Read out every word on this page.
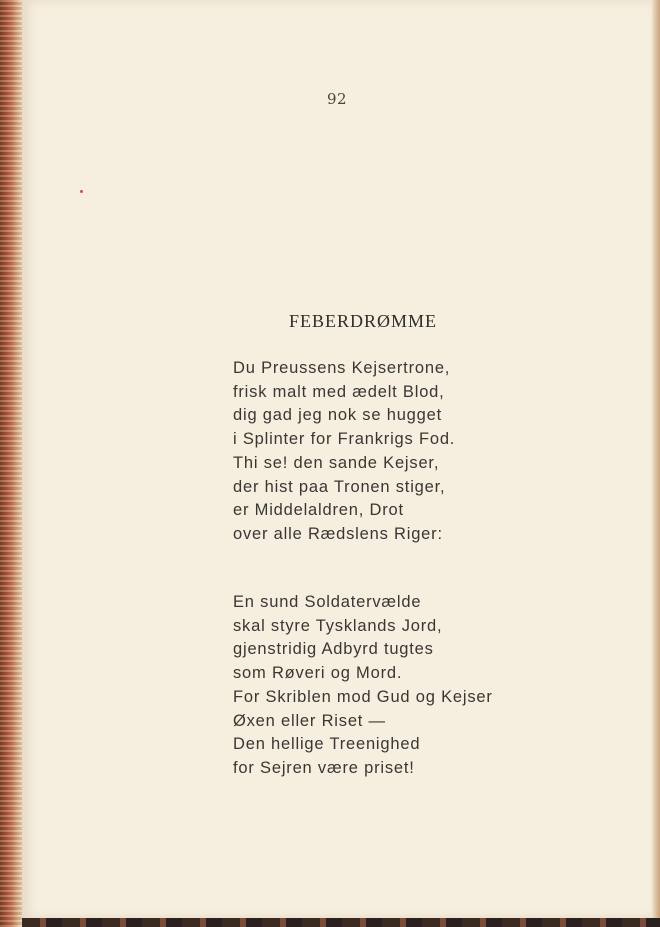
92
FEBERDRØMME
Du Preussens Kejsertrone,
frisk malt med ædelt Blod,
dig gad jeg nok se hugget
i Splinter for Frankrigs Fod.
Thi se! den sande Kejser,
der hist paa Tronen stiger,
er Middelaldren, Drot
over alle Rædslens Riger:
En sund Soldatervælde
skal styre Tysklands Jord,
gjenstridig Adbyrd tugtes
som Røveri og Mord.
For Skriblen mod Gud og Kejser
Øxen eller Riset —
Den hellige Treenighed
for Sejren være priset!
